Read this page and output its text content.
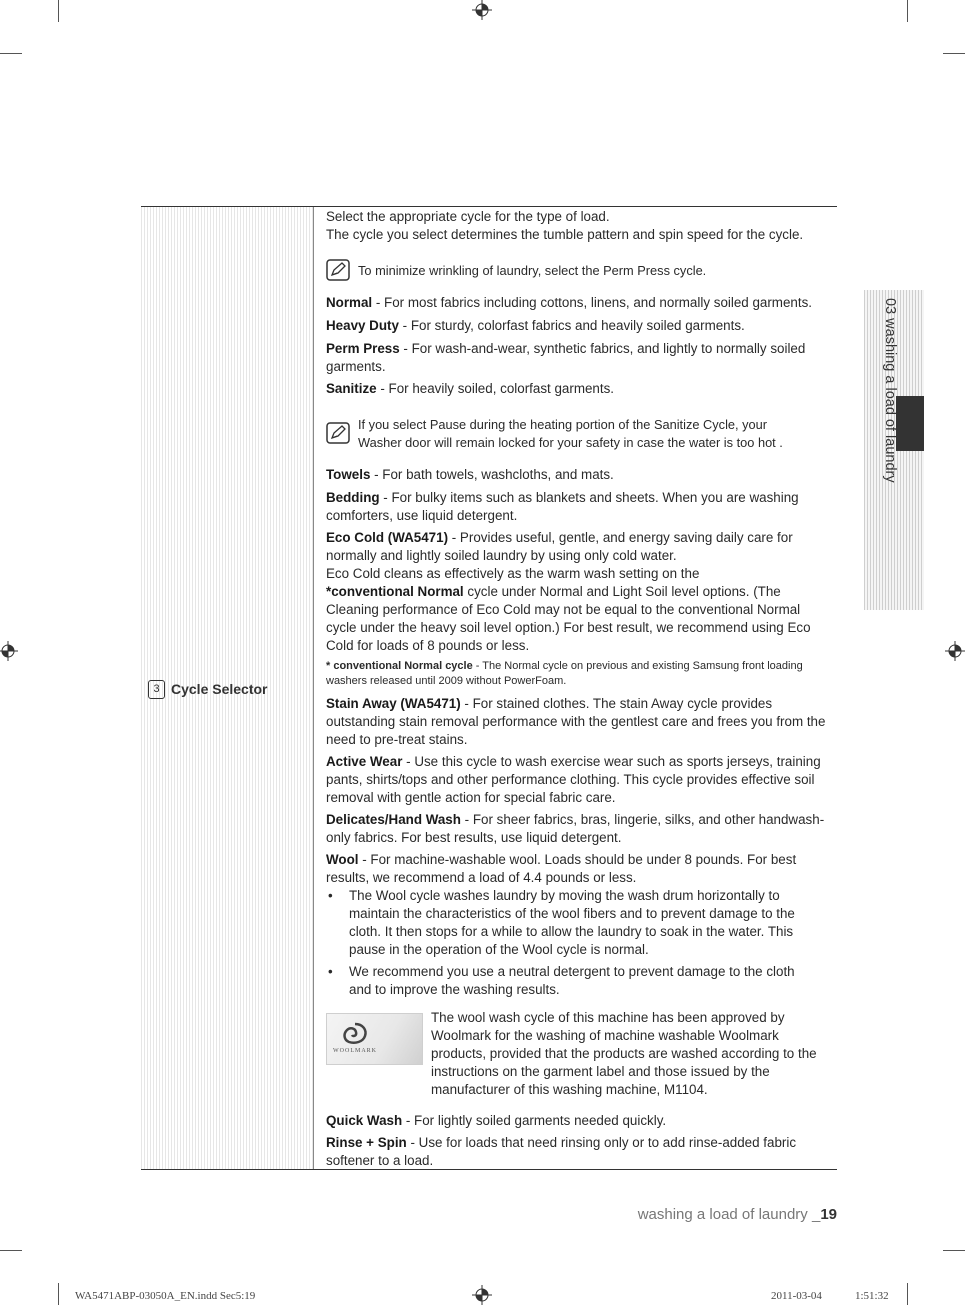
3 Cycle Selector

Select the appropriate cycle for the type of load.

The cycle you select determines the tumble pattern and spin speed for the cycle.

To minimize wrinkling of laundry, select the Perm Press cycle.

Normal - For most fabrics including cottons, linens, and normally soiled garments.

Heavy Duty - For sturdy, colorfast fabrics and heavily soiled garments.

Perm Press - For wash-and-wear, synthetic fabrics, and lightly to normally soiled garments.

Sanitize - For heavily soiled, colorfast garments.

If you select Pause during the heating portion of the Sanitize Cycle, your Washer door will remain locked for your safety in case the water is too hot .

Towels - For bath towels, washcloths, and mats.

Bedding - For bulky items such as blankets and sheets. When you are washing comforters, use liquid detergent.

Eco Cold (WA5471) - Provides useful, gentle, and energy saving daily care for normally and lightly soiled laundry by using only cold water.

Eco Cold cleans as effectively as the warm wash setting on the
*conventional Normal cycle under Normal and Light Soil level options. (The Cleaning performance of Eco Cold may not be equal to the conventional Normal cycle under the heavy soil level option.) For best result, we recommend using Eco Cold for loads of 8 pounds or less.

* conventional Normal cycle - The Normal cycle on previous and existing Samsung front loading washers released until 2009 without PowerFoam.

Stain Away (WA5471) - For stained clothes. The stain Away cycle provides outstanding stain removal performance with the gentlest care and frees you from the need to pre-treat stains.

Active Wear - Use this cycle to wash exercise wear such as sports jerseys, training pants, shirts/tops and other performance clothing. This cycle provides effective soil removal with gentle action for special fabric care.

Delicates/Hand Wash - For sheer fabrics, bras, lingerie, silks, and other handwash-only fabrics. For best results, use liquid detergent.

Wool - For machine-washable wool. Loads should be under 8 pounds. For best results, we recommend a load of 4.4 pounds or less.

• The Wool cycle washes laundry by moving the wash drum horizontally to maintain the characteristics of the wool fibers and to prevent damage to the cloth. It then stops for a while to allow the laundry to soak in the water. This pause in the operation of the Wool cycle is normal.
• We recommend you use a neutral detergent to prevent damage to the cloth and to improve the washing results.
WOOLMARK
The wool wash cycle of this machine has been approved by Woolmark for the washing of machine washable Woolmark products, provided that the products are washed according to the instructions on the garment label and those issued by the manufacturer of this washing machine, M1104.

Quick Wash - For lightly soiled garments needed quickly.

Rinse + Spin - Use for loads that need rinsing only or to add rinse-added fabric softener to a load.

03 washing a load of laundry
washing a load of laundry _19
WA5471ABP-03050A_EN.indd Sec5:19	2011-03-04	1:51:32
